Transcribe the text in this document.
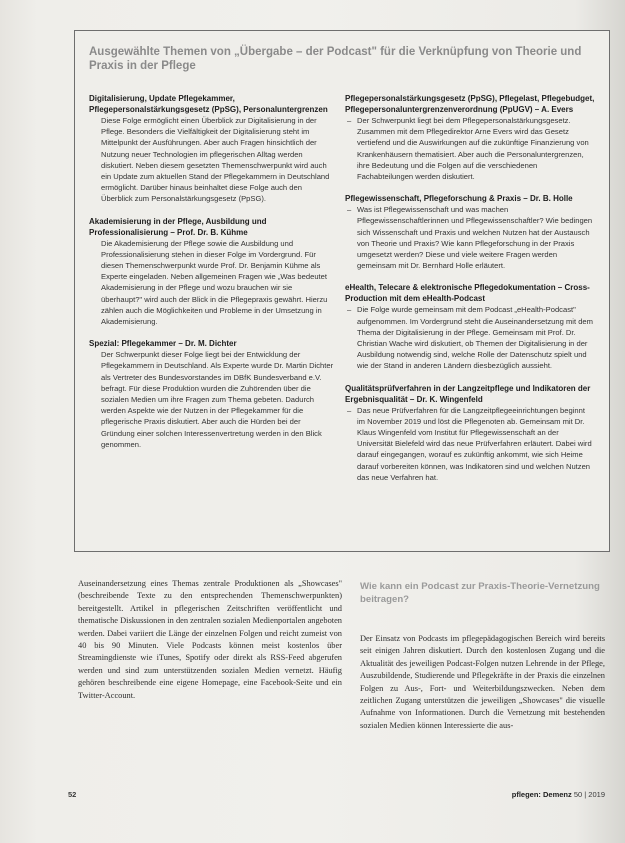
Ausgewählte Themen von „Übergabe – der Podcast" für die Verknüpfung von Theorie und Praxis in der Pflege
Digitalisierung, Update Pflegekammer, Pflegepersonalstärkungsgesetz (PpSG), Personaluntergrenzen

Diese Folge ermöglicht einen Überblick zur Digitalisierung in der Pflege. Besonders die Vielfältigkeit der Digitalisierung steht im Mittelpunkt der Ausführungen. Aber auch Fragen hinsichtlich der Nutzung neuer Technologien im pflegerischen Alltag werden diskutiert. Neben diesem gesetzten Themenschwerpunkt wird auch ein Update zum aktuellen Stand der Pflegekammern in Deutschland ermöglicht. Darüber hinaus beinhaltet diese Folge auch den Überblick zum Personalstärkungsgesetz (PpSG).

Akademisierung in der Pflege, Ausbildung und Professionalisierung – Prof. Dr. B. Kühme

Die Akademisierung der Pflege sowie die Ausbildung und Professionalisierung stehen in dieser Folge im Vordergrund. Für diesen Themenschwerpunkt wurde Prof. Dr. Benjamin Kühme als Experte eingeladen. Neben allgemeinen Fragen wie „Was bedeutet Akademisierung in der Pflege und wozu brauchen wir sie überhaupt?" wird auch der Blick in die Pflegepraxis gewährt. Hierzu zählen auch die Möglichkeiten und Probleme in der Umsetzung in Akademisierung.

Spezial: Pflegekammer – Dr. M. Dichter

Der Schwerpunkt dieser Folge liegt bei der Entwicklung der Pflegekammern in Deutschland. Als Experte wurde Dr. Martin Dichter als Vertreter des Bundesvorstandes im DBfK Bundesverband e.V. befragt. Für diese Produktion wurden die Zuhörenden über die sozialen Medien um ihre Fragen zum Thema gebeten. Dadurch werden Aspekte wie der Nutzen in der Pflegekammer für die pflegerische Praxis diskutiert. Aber auch die Hürden bei der Gründung einer solchen Interessenvertretung werden in den Blick genommen.

Pflegepersonalstärkungsgesetz (PpSG), Pflegelast, Pflegebudget, Pflegepersonaluntergrenzenverordnung (PpUGV) – A. Evers

– Der Schwerpunkt liegt bei dem Pflegepersonalstärkungsgesetz. Zusammen mit dem Pflegedirektor Arne Evers wird das Gesetz vertiefend und die Auswirkungen auf die zukünftige Finanzierung von Krankenhäusern thematisiert. Aber auch die Personaluntergrenzen, ihre Bedeutung und die Folgen auf die verschiedenen Fachabteilungen werden diskutiert.

Pflegewissenschaft, Pflegeforschung & Praxis – Dr. B. Holle

– Was ist Pflegewissenschaft und was machen Pflegewissenschaftlerinnen und Pflegewissenschaftler? Wie bedingen sich Wissenschaft und Praxis und welchen Nutzen hat der Austausch von Theorie und Praxis? Wie kann Pflegeforschung in der Praxis umgesetzt werden? Diese und viele weitere Fragen werden gemeinsam mit Dr. Bernhard Holle erläutert.

eHealth, Telecare & elektronische Pflegedokumentation – Cross-Production mit dem eHealth-Podcast

– Die Folge wurde gemeinsam mit dem Podcast „eHealth-Podcast" aufgenommen. Im Vordergrund steht die Auseinandersetzung mit dem Thema der Digitalisierung in der Pflege. Gemeinsam mit Prof. Dr. Christian Wache wird diskutiert, ob Themen der Digitalisierung in der Ausbildung notwendig sind, welche Rolle der Datenschutz spielt und wie der Stand in anderen Ländern diesbezüglich aussieht.

Qualitätsprüfverfahren in der Langzeitpflege und Indikatoren der Ergebnisqualität – Dr. K. Wingenfeld

– Das neue Prüfverfahren für die Langzeitpflegeeinrichtungen beginnt im November 2019 und löst die Pflegenoten ab. Gemeinsam mit Dr. Klaus Wingenfeld vom Institut für Pflegewissenschaft an der Universität Bielefeld wird das neue Prüfverfahren erläutert. Dabei wird darauf eingegangen, worauf es zukünftig ankommt, wie sich Heime darauf vorbereiten können, was Indikatoren sind und welchen Nutzen das neue Verfahren hat.

Auseinandersetzung eines Themas zentrale Produktionen als „Showcases" (beschreibende Texte zu den entsprechenden Themenschwerpunkten) bereitgestellt. Artikel in pflegerischen Zeitschriften veröffentlicht und thematische Diskussionen in den zentralen sozialen Medienportalen angeboten werden. Dabei variiert die Länge der einzelnen Folgen und reicht zumeist von 40 bis 90 Minuten. Viele Podcasts können meist kostenlos über Streamingdienste wie iTunes, Spotify oder direkt als RSS-Feed abgerufen werden und sind zum unterstützenden sozialen Medien vernetzt. Häufig gehören beschreibende eine eigene Homepage, eine Facebook-Seite und ein Twitter-Account.
Wie kann ein Podcast zur Praxis-Theorie-Vernetzung beitragen?
Der Einsatz von Podcasts im pflegepädagogischen Bereich wird bereits seit einigen Jahren diskutiert. Durch den kostenlosen Zugang und die Aktualität des jeweiligen Podcast-Folgen nutzen Lehrende in der Pflege, Auszubildende, Studierende und Pflegekräfte in der Praxis die einzelnen Folgen zu Aus-, Fort- und Weiterbildungszwecken. Neben dem zeitlichen Zugang unterstützen die jeweiligen „Showcases" die visuelle Aufnahme von Informationen. Durch die Vernetzung mit bestehenden sozialen Medien können Interessierte die aus-
52	pflegen: Demenz 50 | 2019
